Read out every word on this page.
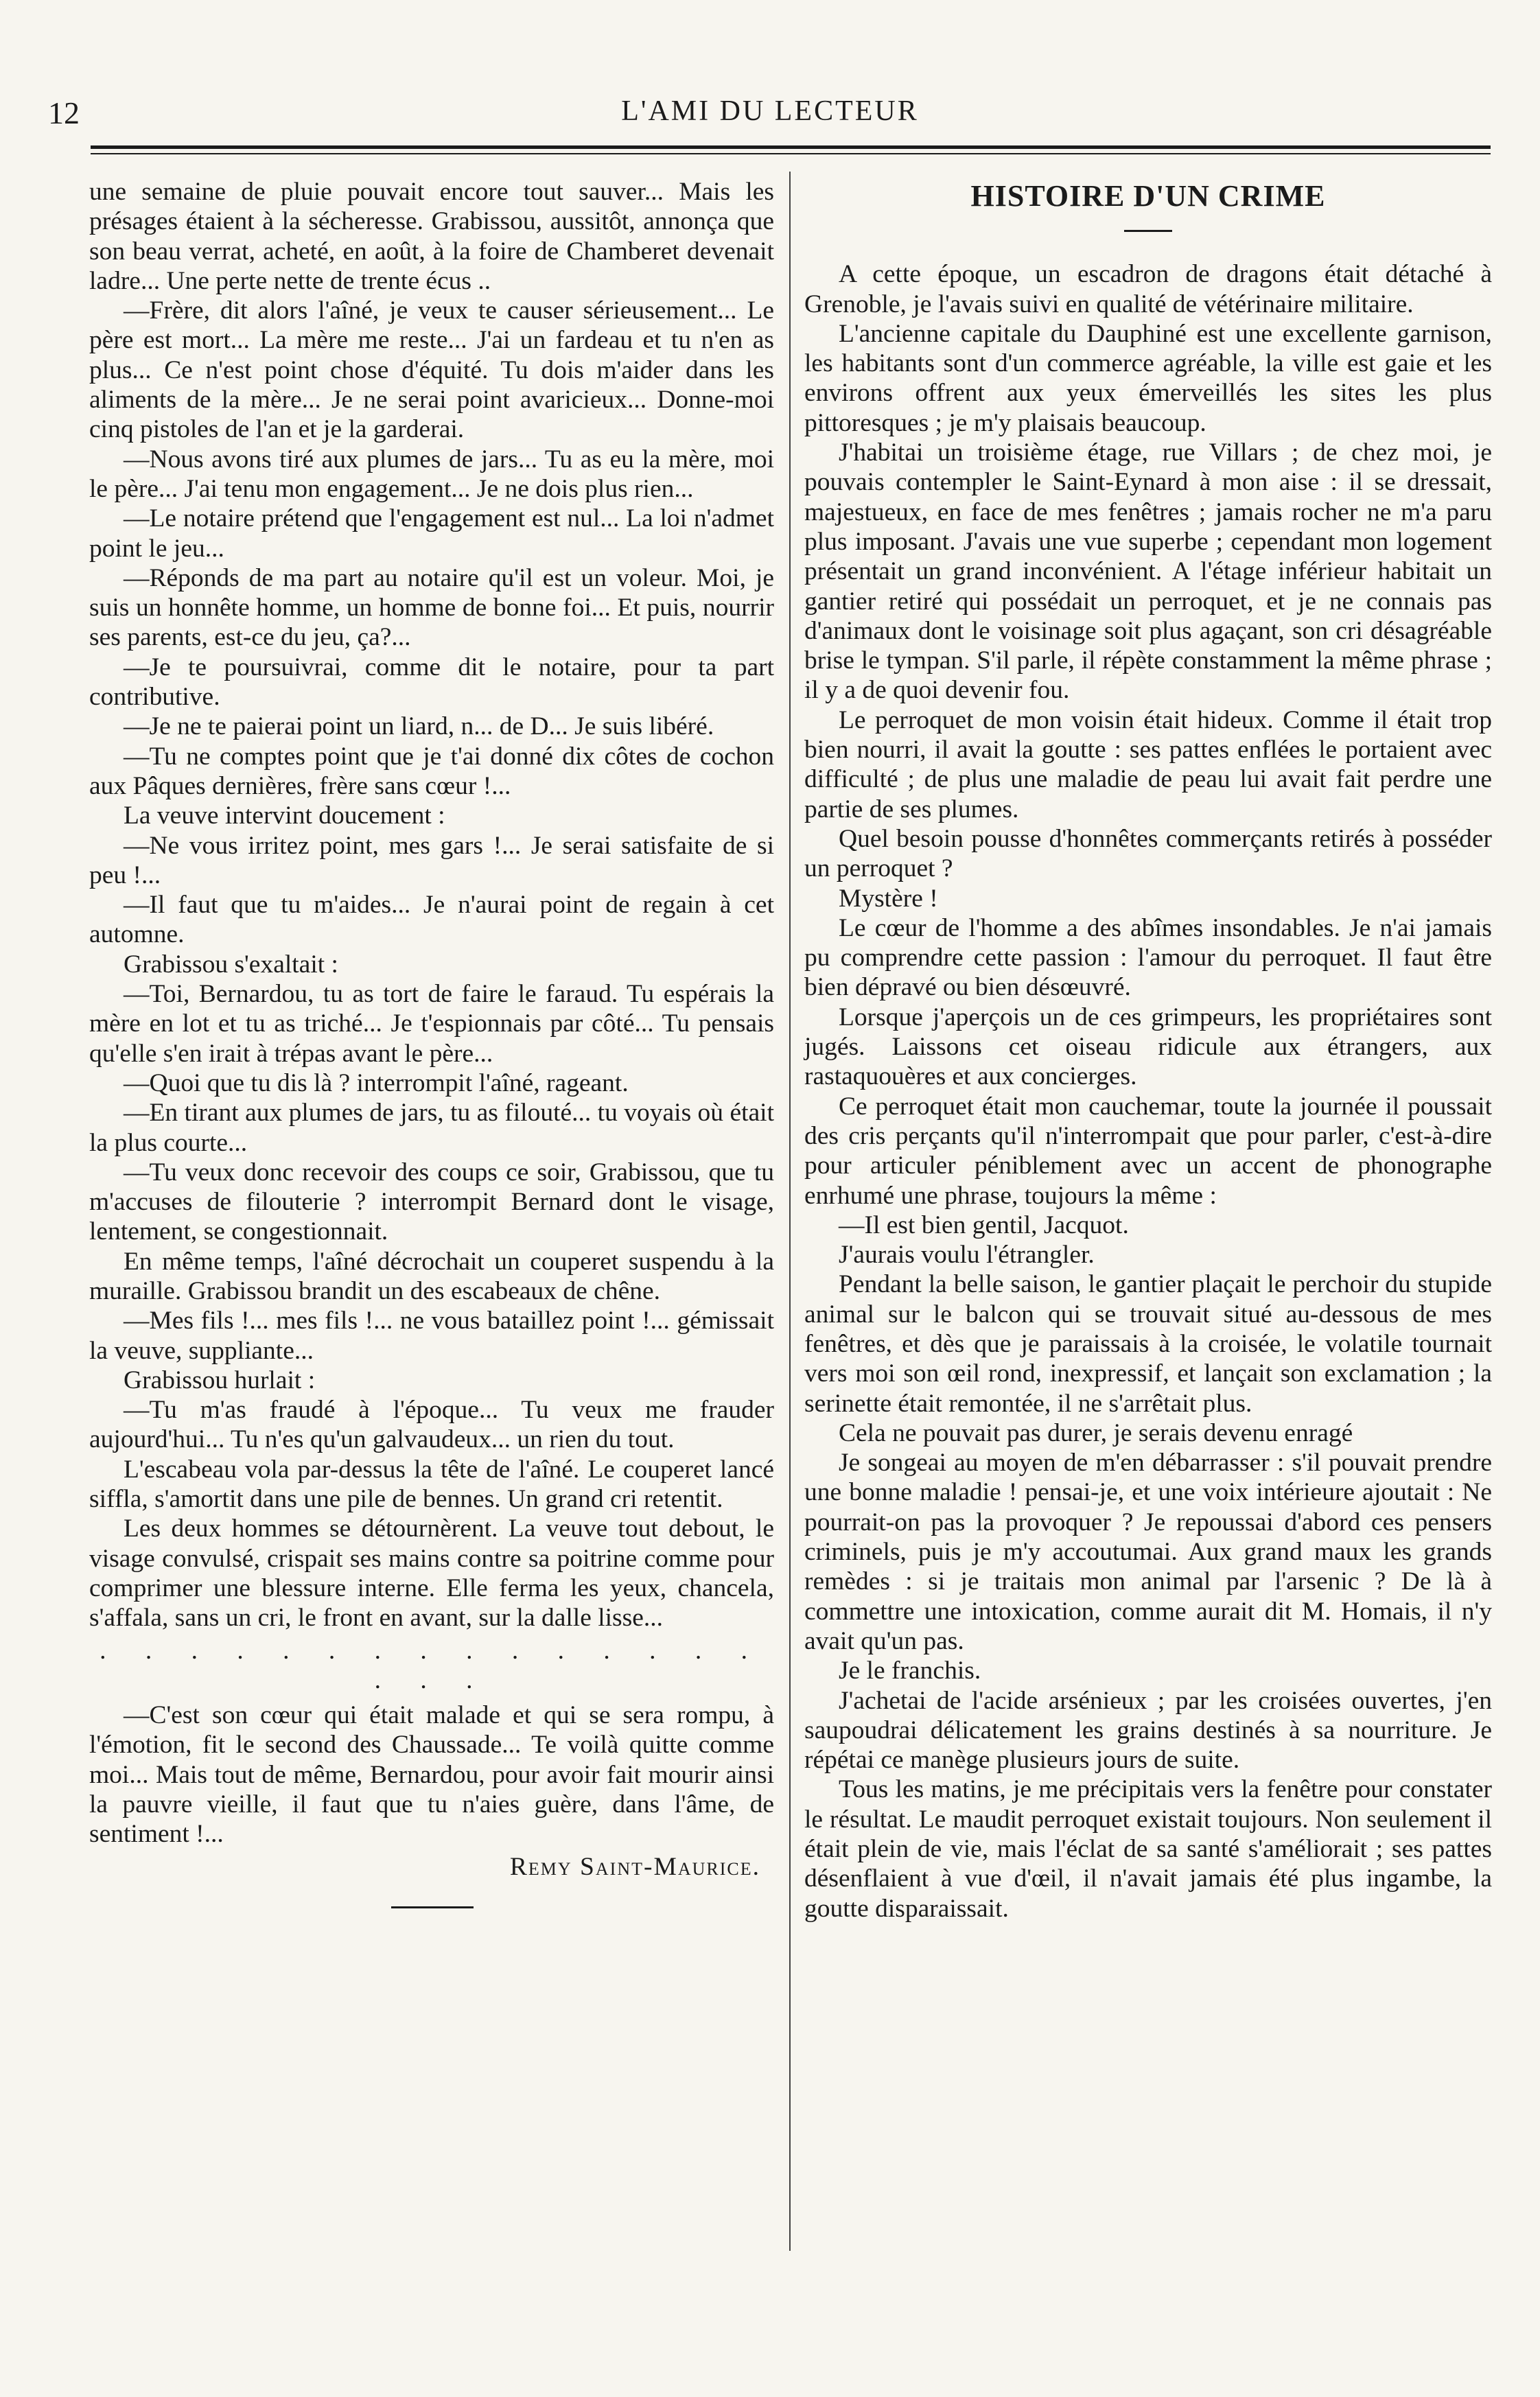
12	L'AMI DU LECTEUR

une semaine de pluie pouvait encore tout sauver... Mais les présages étaient à la sécheresse. Grabissou, aussitôt, annonça que son beau verrat, acheté, en août, à la foire de Chamberet devenait ladre... Une perte nette de trente écus ..

—Frère, dit alors l'aîné, je veux te causer sérieusement... Le père est mort... La mère me reste... J'ai un fardeau et tu n'en as plus... Ce n'est point chose d'équité. Tu dois m'aider dans les aliments de la mère... Je ne serai point avaricieux... Donne-moi cinq pistoles de l'an et je la garderai.

—Nous avons tiré aux plumes de jars... Tu as eu la mère, moi le père... J'ai tenu mon engagement... Je ne dois plus rien...

—Le notaire prétend que l'engagement est nul... La loi n'admet point le jeu...

—Réponds de ma part au notaire qu'il est un voleur. Moi, je suis un honnête homme, un homme de bonne foi... Et puis, nourrir ses parents, est-ce du jeu, ça?...

—Je te poursuivrai, comme dit le notaire, pour ta part contributive.

—Je ne te paierai point un liard, n... de D... Je suis libéré.

—Tu ne comptes point que je t'ai donné dix côtes de cochon aux Pâques dernières, frère sans cœur !...

La veuve intervint doucement :

—Ne vous irritez point, mes gars !... Je serai satisfaite de si peu !...

—Il faut que tu m'aides... Je n'aurai point de regain à cet automne.

Grabissou s'exaltait :

—Toi, Bernardou, tu as tort de faire le faraud. Tu espérais la mère en lot et tu as triché... Je t'espionnais par côté... Tu pensais qu'elle s'en irait à trépas avant le père...

—Quoi que tu dis là ? interrompit l'aîné, rageant.

—En tirant aux plumes de jars, tu as filouté... tu voyais où était la plus courte...

—Tu veux donc recevoir des coups ce soir, Grabissou, que tu m'accuses de filouterie ? interrompit Bernard dont le visage, lentement, se congestionnait.

En même temps, l'aîné décrochait un couperet suspendu à la muraille. Grabissou brandit un des escabeaux de chêne.

—Mes fils !... mes fils !... ne vous bataillez point !... gémissait la veuve, suppliante...

Grabissou hurlait :

—Tu m'as fraudé à l'époque... Tu veux me frauder aujourd'hui... Tu n'es qu'un galvaudeux... un rien du tout.

L'escabeau vola par-dessus la tête de l'aîné. Le couperet lancé siffla, s'amortit dans une pile de bennes. Un grand cri retentit.

Les deux hommes se détournèrent. La veuve tout debout, le visage convulsé, crispait ses mains contre sa poitrine comme pour comprimer une blessure interne. Elle ferma les yeux, chancela, s'affala, sans un cri, le front en avant, sur la dalle lisse...

. . . . . . . . . . . . . . . . . .

—C'est son cœur qui était malade et qui se sera rompu, à l'émotion, fit le second des Chaussade... Te voilà quitte comme moi... Mais tout de même, Bernardou, pour avoir fait mourir ainsi la pauvre vieille, il faut que tu n'aies guère, dans l'âme, de sentiment !...

Remy Saint-Maurice.
HISTOIRE D'UN CRIME

A cette époque, un escadron de dragons était détaché à Grenoble, je l'avais suivi en qualité de vétérinaire militaire.

L'ancienne capitale du Dauphiné est une excellente garnison, les habitants sont d'un commerce agréable, la ville est gaie et les environs offrent aux yeux émerveillés les sites les plus pittoresques ; je m'y plaisais beaucoup.

J'habitai un troisième étage, rue Villars ; de chez moi, je pouvais contempler le Saint-Eynard à mon aise : il se dressait, majestueux, en face de mes fenêtres ; jamais rocher ne m'a paru plus imposant. J'avais une vue superbe ; cependant mon logement présentait un grand inconvénient. A l'étage inférieur habitait un gantier retiré qui possédait un perroquet, et je ne connais pas d'animaux dont le voisinage soit plus agaçant, son cri désagréable brise le tympan. S'il parle, il répète constamment la même phrase ; il y a de quoi devenir fou.

Le perroquet de mon voisin était hideux. Comme il était trop bien nourri, il avait la goutte : ses pattes enflées le portaient avec difficulté ; de plus une maladie de peau lui avait fait perdre une partie de ses plumes.

Quel besoin pousse d'honnêtes commerçants retirés à posséder un perroquet ?

Mystère !

Le cœur de l'homme a des abîmes insondables. Je n'ai jamais pu comprendre cette passion : l'amour du perroquet. Il faut être bien dépravé ou bien désœuvré.

Lorsque j'aperçois un de ces grimpeurs, les propriétaires sont jugés. Laissons cet oiseau ridicule aux étrangers, aux rastaquouères et aux concierges.

Ce perroquet était mon cauchemar, toute la journée il poussait des cris perçants qu'il n'interrompait que pour parler, c'est-à-dire pour articuler péniblement avec un accent de phonographe enrhumé une phrase, toujours la même :

—Il est bien gentil, Jacquot.

J'aurais voulu l'étrangler.

Pendant la belle saison, le gantier plaçait le perchoir du stupide animal sur le balcon qui se trouvait situé au-dessous de mes fenêtres, et dès que je paraissais à la croisée, le volatile tournait vers moi son œil rond, inexpressif, et lançait son exclamation ; la serinette était remontée, il ne s'arrêtait plus.

Cela ne pouvait pas durer, je serais devenu enragé

Je songeai au moyen de m'en débarrasser : s'il pouvait prendre une bonne maladie ! pensai-je, et une voix intérieure ajoutait : Ne pourrait-on pas la provoquer ? Je repoussai d'abord ces pensers criminels, puis je m'y accoutumai. Aux grand maux les grands remèdes : si je traitais mon animal par l'arsenic ? De là à commettre une intoxication, comme aurait dit M. Homais, il n'y avait qu'un pas.

Je le franchis.

J'achetai de l'acide arsénieux ; par les croisées ouvertes, j'en saupoudrai délicatement les grains destinés à sa nourriture. Je répétai ce manège plusieurs jours de suite.

Tous les matins, je me précipitais vers la fenêtre pour constater le résultat. Le maudit perroquet existait toujours. Non seulement il était plein de vie, mais l'éclat de sa santé s'améliorait ; ses pattes désenflaient à vue d'œil, il n'avait jamais été plus ingambe, la goutte disparaissait.
